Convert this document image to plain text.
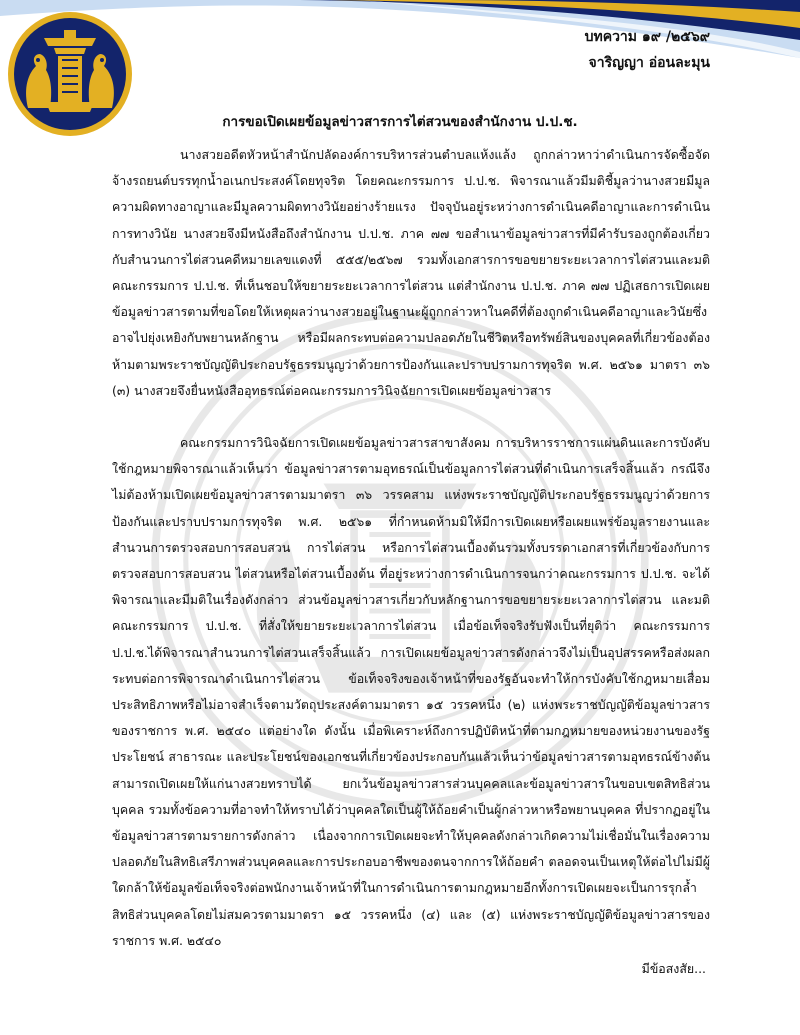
บทความ ๑๙ /๒๕๖๙
จาริญญา อ่อนละมุน
การขอเปิดเผยข้อมูลข่าวสารการไต่สวนของสำนักงาน ป.ป.ช.

นางสวยอดีตหัวหน้าสำนักปลัดองค์การบริหารส่วนตำบลแห้งแล้ง ถูกกล่าวหาว่าดำเนินการจัดซื้อจัดจ้างรถยนต์บรรทุกน้ำอเนกประสงค์โดยทุจริต โดยคณะกรรมการ ป.ป.ช. พิจารณาแล้วมีมติชี้มูลว่านางสวยมีมูลความผิดทางอาญาและมีมูลความผิดทางวินัยอย่างร้ายแรง ปัจจุบันอยู่ระหว่างการดำเนินคดีอาญาและการดำเนินการทางวินัย นางสวยจึงมีหนังสือถึงสำนักงาน ป.ป.ช. ภาค ๗๗ ขอสำเนาข้อมูลข่าวสารที่มีคำรับรองถูกต้องเกี่ยวกับสำนวนการไต่สวนคดีหมายเลขแดงที่ ๕๕๕/๒๕๖๗ รวมทั้งเอกสารการขอขยายระยะเวลาการไต่สวนและมติคณะกรรมการ ป.ป.ช. ที่เห็นชอบให้ขยายระยะเวลาการไต่สวน แต่สำนักงาน ป.ป.ช. ภาค ๗๗ ปฏิเสธการเปิดเผยข้อมูลข่าวสารตามที่ขอโดยให้เหตุผลว่านางสวยอยู่ในฐานะผู้ถูกกล่าวหาในคดีที่ต้องถูกดำเนินคดีอาญาและวินัยซึ่งอาจไปยุ่งเหยิงกับพยานหลักฐาน หรือมีผลกระทบต่อความปลอดภัยในชีวิตหรือทรัพย์สินของบุคคลที่เกี่ยวข้องต้องห้ามตามพระราชบัญญัติประกอบรัฐธรรมนูญว่าด้วยการป้องกันและปราบปรามการทุจริต พ.ศ. ๒๕๖๑ มาตรา ๓๖ (๓) นางสวยจึงยื่นหนังสืออุทธรณ์ต่อคณะกรรมการวินิจฉัยการเปิดเผยข้อมูลข่าวสาร

คณะกรรมการวินิจฉัยการเปิดเผยข้อมูลข่าวสารสาขาสังคม การบริหารราชการแผ่นดินและการบังคับใช้กฎหมายพิจารณาแล้วเห็นว่า ข้อมูลข่าวสารตามอุทธรณ์เป็นข้อมูลการไต่สวนที่ดำเนินการเสร็จสิ้นแล้ว กรณีจึงไม่ต้องห้ามเปิดเผยข้อมูลข่าวสารตามมาตรา ๓๖ วรรคสาม แห่งพระราชบัญญัติประกอบรัฐธรรมนูญว่าด้วยการป้องกันและปราบปรามการทุจริต พ.ศ. ๒๕๖๑ ที่กำหนดห้ามมิให้มีการเปิดเผยหรือเผยแพร่ข้อมูลรายงานและสำนวนการตรวจสอบการสอบสวน การไต่สวน หรือการไต่สวนเบื้องต้นรวมทั้งบรรดาเอกสารที่เกี่ยวข้องกับการตรวจสอบการสอบสวน ไต่สวนหรือไต่สวนเบื้องต้น ที่อยู่ระหว่างการดำเนินการจนกว่าคณะกรรมการ ป.ป.ช. จะได้พิจารณาและมีมติในเรื่องดังกล่าว ส่วนข้อมูลข่าวสารเกี่ยวกับหลักฐานการขอขยายระยะเวลาการไต่สวน และมติคณะกรรมการ ป.ป.ช. ที่สั่งให้ขยายระยะเวลาการไต่สวน เมื่อข้อเท็จจริงรับฟังเป็นที่ยุติว่า คณะกรรมการ ป.ป.ช.ได้พิจารณาสำนวนการไต่สวนเสร็จสิ้นแล้ว การเปิดเผยข้อมูลข่าวสารดังกล่าวจึงไม่เป็นอุปสรรคหรือส่งผลกระทบต่อการพิจารณาดำเนินการไต่สวน ข้อเท็จจริงของเจ้าหน้าที่ของรัฐอันจะทำให้การบังคับใช้กฎหมายเสื่อมประสิทธิภาพหรือไม่อาจสำเร็จตามวัตถุประสงค์ตามมาตรา ๑๕ วรรคหนึ่ง (๒) แห่งพระราชบัญญัติข้อมูลข่าวสารของราชการ พ.ศ. ๒๕๔๐ แต่อย่างใด ดังนั้น เมื่อพิเคราะห์ถึงการปฏิบัติหน้าที่ตามกฎหมายของหน่วยงานของรัฐ ประโยชน์ สาธารณะ และประโยชน์ของเอกชนที่เกี่ยวข้องประกอบกันแล้วเห็นว่าข้อมูลข่าวสารตามอุทธรณ์ข้างต้นสามารถเปิดเผยให้แก่นางสวยทราบได้ ยกเว้นข้อมูลข่าวสารส่วนบุคคลและข้อมูลข่าวสารในขอบเขตสิทธิส่วนบุคคล รวมทั้งข้อความที่อาจทำให้ทราบได้ว่าบุคคลใดเป็นผู้ให้ถ้อยคำเป็นผู้กล่าวหาหรือพยานบุคคล ที่ปรากฏอยู่ในข้อมูลข่าวสารตามรายการดังกล่าว เนื่องจากการเปิดเผยจะทำให้บุคคลดังกล่าวเกิดความไม่เชื่อมั่นในเรื่องความปลอดภัยในสิทธิเสรีภาพส่วนบุคคลและการประกอบอาชีพของตนจากการให้ถ้อยคำ ตลอดจนเป็นเหตุให้ต่อไปไม่มีผู้ใดกล้าให้ข้อมูลข้อเท็จจริงต่อพนักงานเจ้าหน้าที่ในการดำเนินการตามกฎหมายอีกทั้งการเปิดเผยจะเป็นการรุกล้ำสิทธิส่วนบุคคลโดยไม่สมควรตามมาตรา ๑๕ วรรคหนึ่ง (๔) และ (๕) แห่งพระราชบัญญัติข้อมูลข่าวสารของราชการ พ.ศ. ๒๕๔๐

มีข้อสงสัย...
